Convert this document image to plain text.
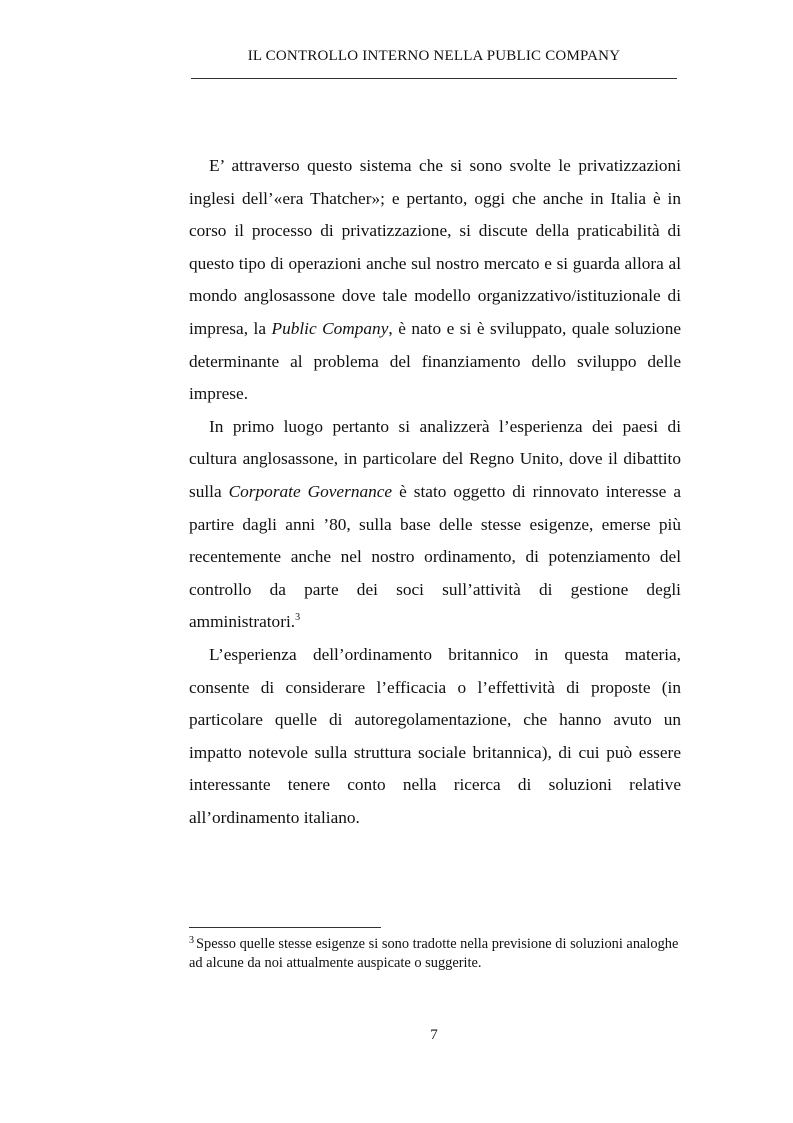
IL CONTROLLO INTERNO NELLA PUBLIC COMPANY

E’ attraverso questo sistema che si sono svolte le privatizzazioni inglesi dell’«era Thatcher»; e pertanto, oggi che anche in Italia è in corso il processo di privatizzazione, si discute della praticabilità di questo tipo di operazioni anche sul nostro mercato e si guarda allora al mondo anglosassone dove tale modello organizzativo/istituzionale di impresa, la Public Company, è nato e si è sviluppato, quale soluzione determinante al problema del finanziamento dello sviluppo delle imprese.

In primo luogo pertanto si analizzerà l’esperienza dei paesi di cultura anglosassone, in particolare del Regno Unito, dove il dibattito sulla Corporate Governance è stato oggetto di rinnovato interesse a partire dagli anni ’80, sulla base delle stesse esigenze, emerse più recentemente anche nel nostro ordinamento, di potenziamento del controllo da parte dei soci sull’attività di gestione degli amministratori.$^3$

L’esperienza dell’ordinamento britannico in questa materia, consente di considerare l’efficacia o l’effettività di proposte (in particolare quelle di autoregolamentazione, che hanno avuto un impatto notevole sulla struttura sociale britannica), di cui può essere interessante tenere conto nella ricerca di soluzioni relative all’ordinamento italiano.

$^3$ Spesso quelle stesse esigenze si sono tradotte nella previsione di soluzioni analoghe ad alcune da noi attualmente auspicate o suggerite.
7
